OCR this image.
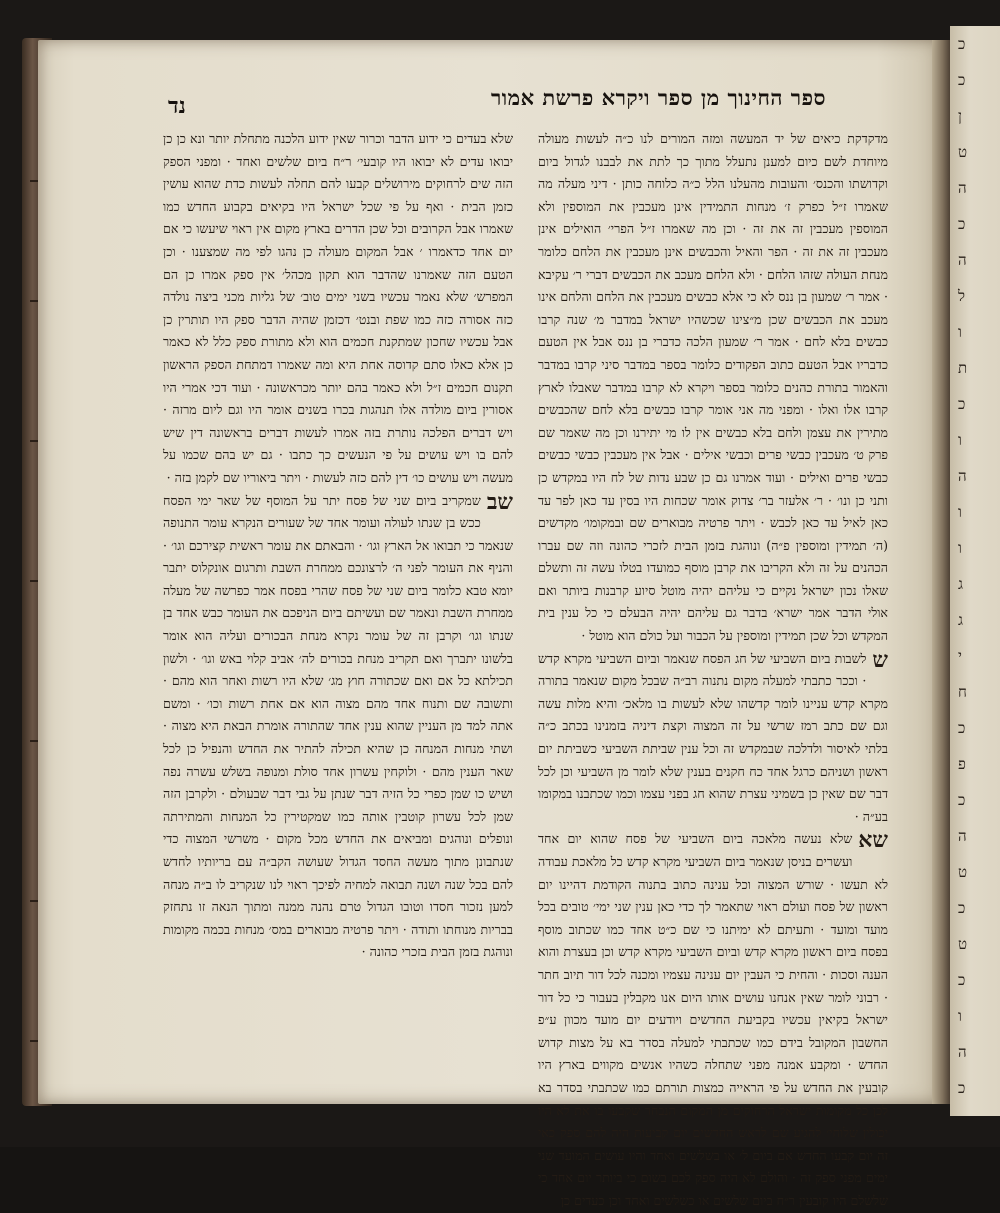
כ
כ
ן
ט
ה
כ
ה
ל
ו
ת
כ
ו
ה
ו
ו
ג
ג
י
ח
כ
פ
כ
ה
ט
כ
ט
כ
ו
ה
כ
ספר החינוך מן ספר ויקרא פרשת אמור
נד

מדקדקת כיאים של יד המעשה ומזה המורים לנו כ״ה לעשות מעולה מיוחדת לשם כיום למענן נתעלל מתוך כך לתת את לבבנו לגדול ביום וקדושתו והכנס׳ והעובות מהעלנו הלל כ״ה כלוחה כותן · דיני מעלה מה שאמרו ז״ל כפרק ז׳ מנחות התמידין אינן מעכבין את המוספין ולא המוספין מעכבין זה את זה · וכן מה שאמרו ז״ל הפרי׳ הואילים אינן מעכבין זה את זה · הפר והאיל והכבשים אינן מעכבין את הלחם כלומר מנחת העולה שזהו הלחם · ולא הלחם מעכב את הכבשים דברי ר׳ עקיבא · אמר ר׳ שמעון בן ננס לא כי אלא כבשים מעכבין את הלחם והלחם אינו מעכב את הכבשים שכן מ״צינו שכשהיו ישראל במדבר מ׳ שנה קרבו כבשים בלא לחם · אמר ר׳ שמעון הלכה כדברי בן ננס אבל אין הטעם כדבריו אבל הטעם כתוב הפקודים כלומר בספר במדבר סיני קרבו במדבר והאמור בתורת כהנים כלומר בספר ויקרא לא קרבו במדבר שאבלו לארץ קרבו אלו ואלו · ומפני מה אני אומר קרבו כבשים בלא לחם שהכבשים מתירין את עצמן ולחם בלא כבשים אין לו מי יתירנו וכן מה שאמר שם פרק ט׳ מעכבין כבשי פרים וכבשי אילים · אבל אין מעכבין כבשי כבשים כבשי פרים ואילים · ועוד אמרנו גם כן שבע נדות של לח היו במקדש כן ותני כן ונו׳ · ר׳ אלעזר בר׳ צדוק אומר שכחות היו בסין עד כאן לפר עד כאן לאיל עד כאן לכבש · ויתר פרטיה מבוארים שם ובמקומו׳ מקדשים (ה׳ תמידין ומוספין פ״ה) ונוהגת בזמן הבית לזכרי כהונה וזה שם עברו הכהנים על זה ולא הקריבו את קרבן מוסף כמועדו בטלו עשה זה ותשלם שאלו נכון ישראל נקיים כי עליהם יהיה מוטל סיוע קרבנות ביותר ואם אולי הדבר אמר ישרא׳ בדבר גם עליהם יהיה הבעלם כי כל ענין בית המקדש וכל שכן תמידין ומוספין על הכבור ועל כולם הוא מוטל ·

ש
לשבות ביום השביעי של חג הפסח שנאמר וביום השביעי מקרא קדש · וככר כתבתי למעלה מקום נתנוה רב״ה שבכל מקום שנאמר בתורה מקרא קדש עניינו לומר קדשהו שלא לעשות בו מלאכ׳ והיא מלות עשה וגם שם כתב רמז שרשי על זה המצוה וקצת דיניה בזמנינו בכתב כ״ה בלתי לאיסור ולדלכה שבמקדש זה וכל ענין שביתת השביעי כשביתת יום ראשון ושניהם כרגל אחד כח חקנים בענין שלא לומר מן השביעי וכן לכל דבר שם שאין כן בשמיני עצרת שהוא חג בפני עצמו וכמו שכתבנו במקומו בע״ה ·

שא
שלא נעשה מלאכה ביום השביעי של פסח שהוא יום אחד ועשרים בניסן שנאמר ביום השביעי מקרא קדש כל מלאכת עבודה לא תעשו · שורש המצוה וכל ענינה כתוב בתנוה הקודמת דהיינו יום ראשון של פסח ועולם ראוי שתאמר לך כדי כאן ענין שני ימי׳ טובים בכל מועד ומועד · ותעיתם לא ימיתנו כי שם כ״ט אחד כמו שכתוב מוסף בפסח ביום ראשון מקרא קדש וביום השביעי מקרא קדש וכן בעצרת והוא הענה וסכות · והחית כי העבין יום ענינה עצמיו ומכנה לכל דור תיוב חתר · רבוני לומר שאין אנחנו עושים אותו היום אנו מקבלין בעבור כי כל דור ישראל בקיאין עכשיו בקביעת החדשים ויודעים יום מועד מכוון ע״פ החשבון המקובל בידם כמו שכתבתי למעלה בסדר בא על מצות קדוש החדש · ומקבע אמנה מפני שתחלה כשהיו אנשים מקווים בארץ היו קובעין את החדש על פי הראייה כמצות תורתם כמו שכתבתי בסדר בא לכן כל מקומות ישראל הרחוקים מן המקום הנבחר שקבעו בו את לא היו יכולין שלוחי׳ להגיע שם לראש החדשים יום קביעות היה להם ספק כאי זה יום קבעו החדש אם ביום ל׳ או בשלשים ואחד והיו עושים המועד שני ימים מפני ספק זה · והולם לא היה ספק לכם בשום כי ביותר יום אחד כי שלשלם היו קובעין ר״ח ביום שלשים או כשלשים ואחד וכן כעדים כן

שלא בעדים כי ידוע הדבר וכרור שאין ידוע הלכנה מתחלת יותר ונא כן כן יבואו עדים לא יבואו היו קובעי׳ ר״ח ביום שלשים ואחד · ומפני הספק הזה שים לרחוקים מירושלים קבעו להם תחלה לעשות כדת שהוא עושין כזמן הבית · ואף על פי שכל ישראל היו בקיאים בקבוע החדש כמו שאמרו אבל הקרובים וכל שכן הדרים בארץ מקום אין ראוי שיעשו כי אם יום אחד כדאמרו ׳ אבל המקום מעולה כן נהגו לפי מה שמצענו · וכן הטעם הזה שאמרנו שהדבר הוא תקון מכהל׳ אין ספק אמרו כן הם המפרש׳ שלא נאמר עכשיו בשני ימים טוב׳ של גליות מכני ביצה נולדה כזה אסורה כזה כמו שפת ובנט׳ דכזמן שהיה הדבר ספק היו תותרין כן אבל עכשיו שחכון שמתקנת חכמים הוא ולא מתורת ספק כלל לא כאמר כן אלא כאלו סתם קדוסה אחת היא ומה שאמרו דמתחת הספק הראשון תקנום חכמים ז״ל ולא כאמר בהם יותר מכראשונה · ועוד דכי אמרי היו אסורין ביום מולדה אלו תנהגות בכרו בשנים אומר היו וגם ליום מרזה · ויש דברים הפלכה נותרת בזה אמרו לעשות דברים בראשונה דין שיש להם בו ויש עושים על פי הנעשים כך כתבו · גם יש בהם שכמו על מעשה ויש עושים כו׳ דין להם כזה לעשות · ויתר ביאוריו שם לקמן בזה ·

שב
שמקריב ביום שני של פסח יתר על המוסף של שאר ימי הפסח ככש בן שנתו לעולה ועומר אחד של שעורים הנקרא עומר התנופה שנאמר כי תבואו אל הארץ וגו׳ · והבאתם את עומר ראשית קצירכם וגו׳ · והניף את העומר לפני ה׳ לרצונכם ממחרת השבת ותרגום אונקלוס יתבר יומא טבא כלומר ביום שני של פסח שהרי בפסח אמר כפרשה של מעלה ממחרת השבת ונאמר שם ועשיתם ביום הניפכם את העומר כבש אחד בן שנתו וגו׳ וקרבן זה של עומר נקרא מנחת הבכורים ועליה הוא אומר בלשונו יתברך ואם תקריב מנחת בכורים לה׳ אביב קלוי באש וגו׳ · ולשון תכילתא כל אם ואם שכתורה חוץ מג׳ שלא היו רשות ואחר הוא מהם · ותשובה שם ותנוח אחד מהם מצוה הוא אם אחת רשות וכו׳ · ומשם אתה למד מן העניין שהוא ענין אחד שהתורה אומרת הבאת היא מצוה · ושתי מנחות המנחה כן שהיא תכילה להתיר את החדש והנפיל כן לכל שאר הענין מהם · ולוקחין עשרון אחד סולת ומנופה בשלש עשרה נפה ושיש כו שמן כפרי כל הזיה דבר שנתן על גבי דבר שבעולם · ולקרבן הזה שמן לכל עשרון קוטבין אותה כמו שמקטירין כל המנחות והמתירתה ונופלים ונוהגים ומביאים את החדש מכל מקום · משרשי המצוה כדי שנתבונן מתוך מעשה החסד הגדול שעושה הקב״ה עם בריותיו לחדש להם בכל שנה ושנה תבואה למחיה לפיכך ראוי לנו שנקריב לו ב״ה מנחה למען נזכור חסדו וטובו הגדול טרם נהנה ממנה ומתוך הנאה זו נתחזק בבריות מנוחתו ותודה · ויתר פרטיה מבוארים במס׳ מנחות בכמה מקומות ונוהגת בזמן הבית בזכרי כהונה ·
